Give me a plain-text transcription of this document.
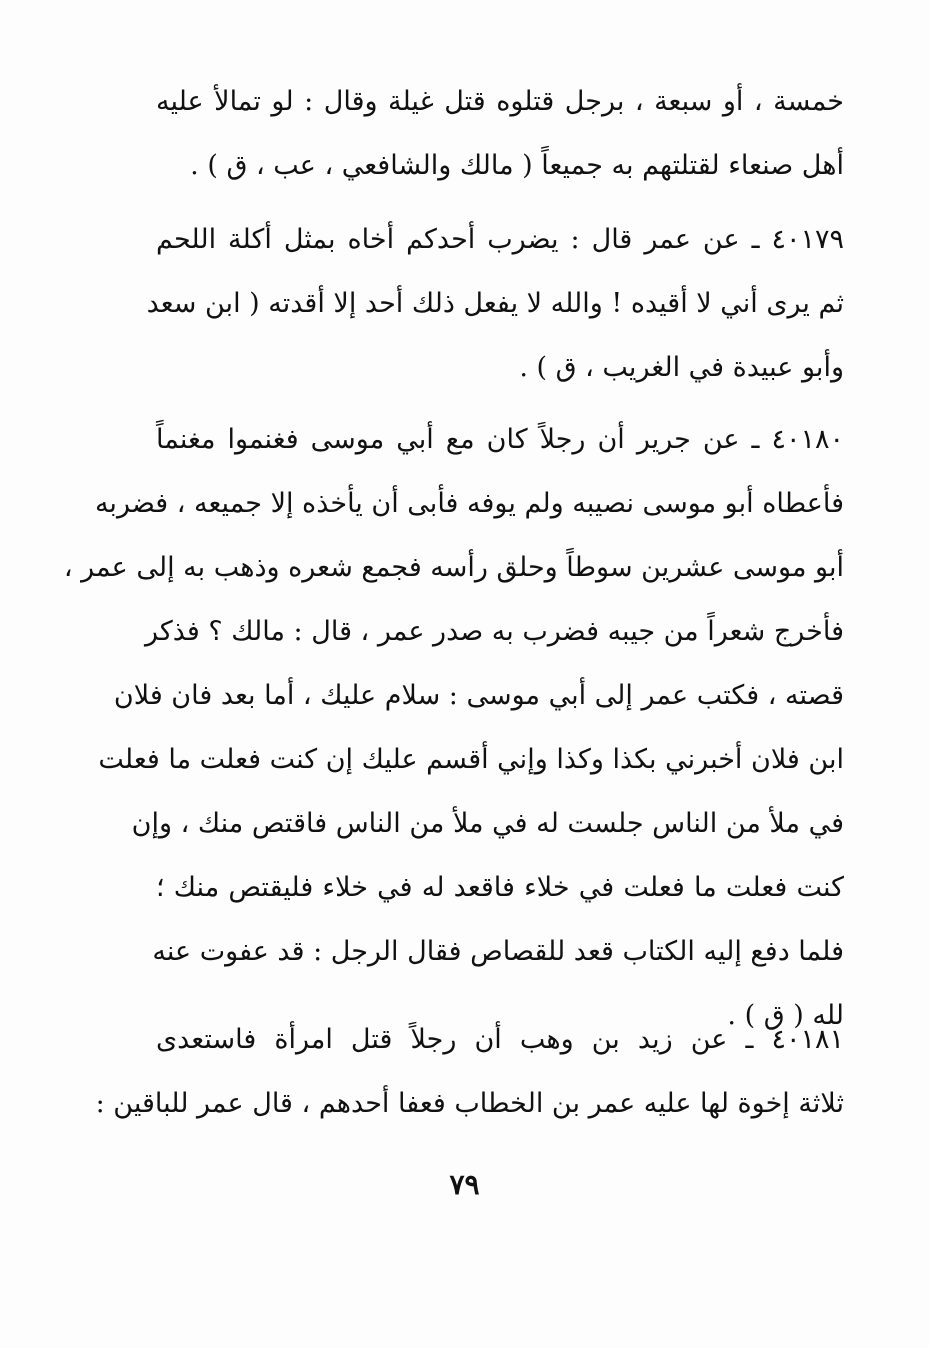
خمسة ، أو سبعة ، برجل قتلوه قتل غيلة وقال : لو تمالأ عليه
أهل صنعاء لقتلتهم به جميعاً ( مالك والشافعي ، عب ، ق ) .
٤٠١٧٩ ـ عن عمر قال : يضرب أحدكم أخاه بمثل أكلة اللحم
ثم يرى أني لا أقيده ! والله لا يفعل ذلك أحد إلا أقدته ( ابن سعد
وأبو عبيدة في الغريب ، ق ) .
٤٠١٨٠ ـ عن جرير أن رجلاً كان مع أبي موسى فغنموا مغنماً
فأعطاه أبو موسى نصيبه ولم يوفه فأبى أن يأخذه إلا جميعه ، فضربه
أبو موسى عشرين سوطاً وحلق رأسه فجمع شعره وذهب به إلى عمر ،
فأخرج شعراً من جيبه فضرب به صدر عمر ، قال : مالك ؟ فذكر
قصته ، فكتب عمر إلى أبي موسى : سلام عليك ، أما بعد فان فلان
ابن فلان أخبرني بكذا وكذا وإني أقسم عليك إن كنت فعلت ما فعلت
في ملأ من الناس جلست له في ملأ من الناس فاقتص منك ، وإن
كنت فعلت ما فعلت في خلاء فاقعد له في خلاء فليقتص منك ؛
فلما دفع إليه الكتاب قعد للقصاص فقال الرجل : قد عفوت عنه
لله ( ق ) .
٤٠١٨١ ـ عن زيد بن وهب أن رجلاً قتل امرأة فاستعدى
ثلاثة إخوة لها عليه عمر بن الخطاب فعفا أحدهم ، قال عمر للباقين :
٧٩
